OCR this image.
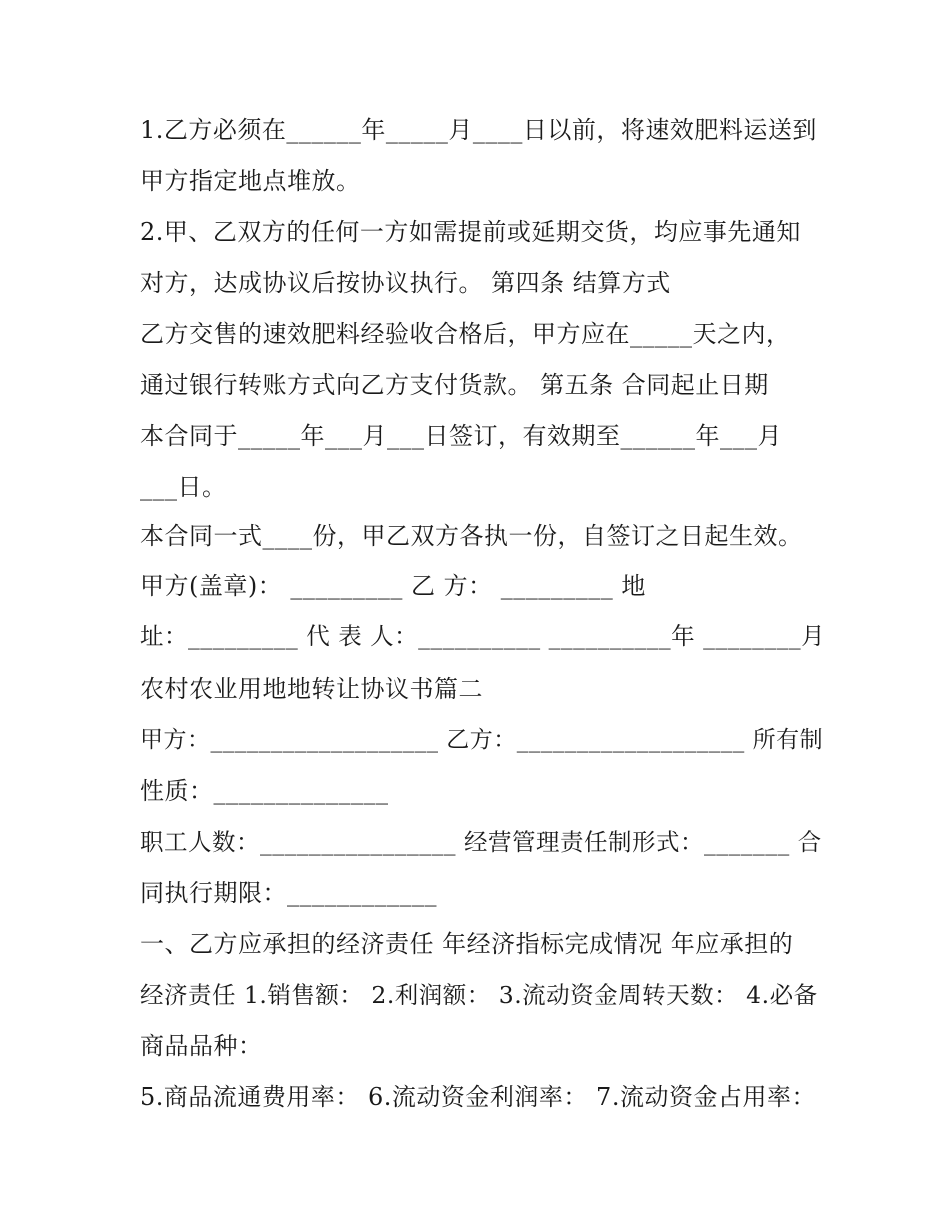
1.乙方必须在______年_____月____日以前，将速效肥料运送到
甲方指定地点堆放。
2.甲、乙双方的任何一方如需提前或延期交货，均应事先通知
对方，达成协议后按协议执行。 第四条 结算方式
乙方交售的速效肥料经验收合格后，甲方应在_____天之内，
通过银行转账方式向乙方支付货款。 第五条 合同起止日期
本合同于_____年___月___日签订，有效期至______年___月
___日。
本合同一式____份，甲乙双方各执一份，自签订之日起生效。
甲方(盖章)： _________ 乙 方： _________ 地
址：_________ 代 表 人：__________ __________年 ________月
农村农业用地地转让协议书篇二
甲方：___________________ 乙方：___________________ 所有制
性质：______________
职工人数：________________ 经营管理责任制形式：_______ 合
同执行期限：____________
一、乙方应承担的经济责任 年经济指标完成情况 年应承担的
经济责任 1.销售额： 2.利润额： 3.流动资金周转天数： 4.必备
商品品种：
5.商品流通费用率： 6.流动资金利润率： 7.流动资金占用率：
